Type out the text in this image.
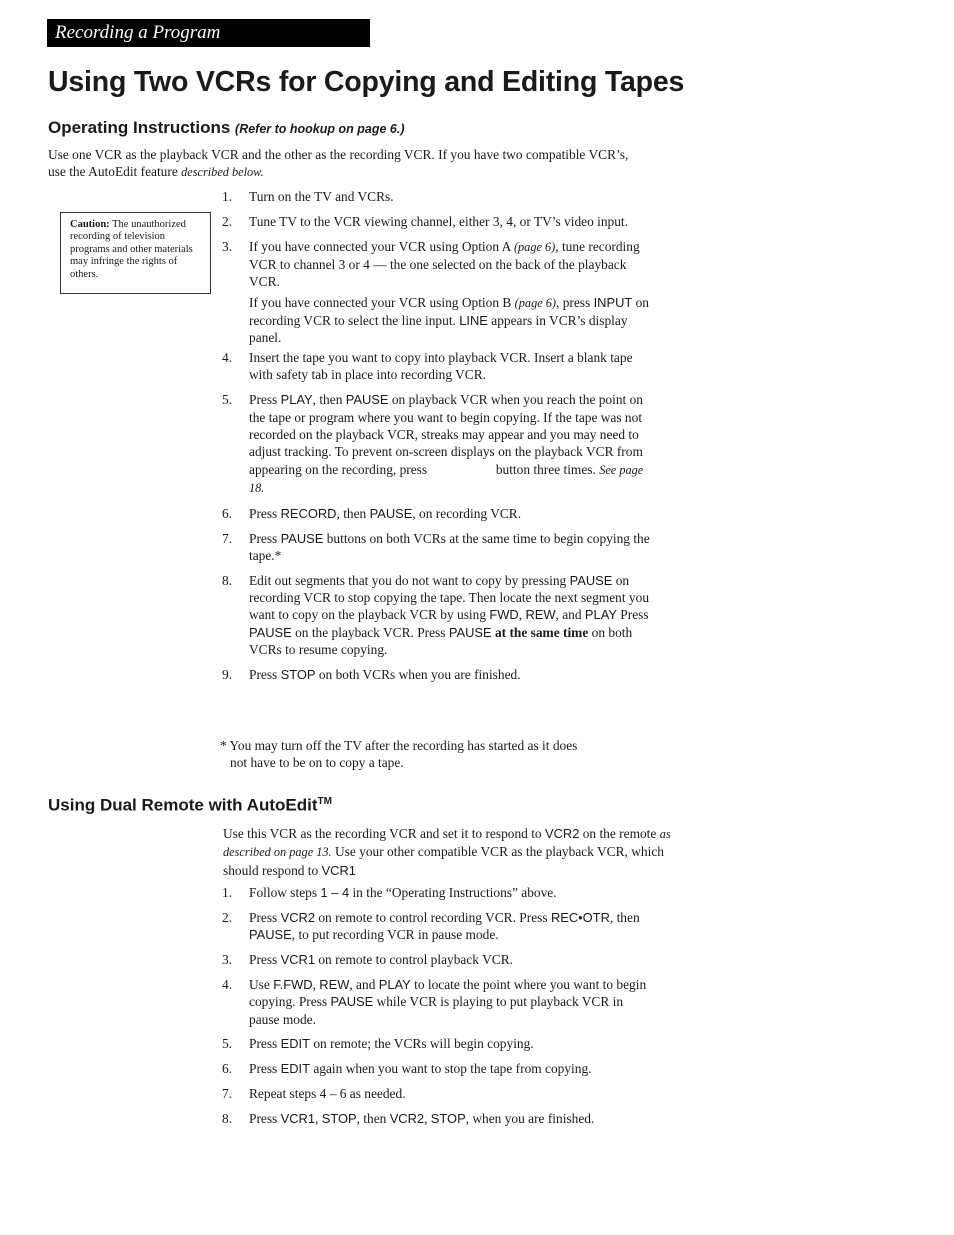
Recording a Program
Using Two VCRs for Copying and Editing Tapes
Operating Instructions (Refer to hookup on page 6.)

Use one VCR as the playback VCR and the other as the recording VCR. If you have two compatible VCR’s,
use the AutoEdit feature described below.

Caution: The unauthorized recording of television programs and other materials may infringe the rights of others.
1. Turn on the TV and VCRs.
2. Tune TV to the VCR viewing channel, either 3, 4, or TV’s video input.
3. If you have connected your VCR using Option A (page 6), tune recording VCR to channel 3 or 4 — the one selected on the back of the playback VCR.

If you have connected your VCR using Option B (page 6), press INPUT on recording VCR to select the line input. LINE appears in VCR’s display panel.

4. Insert the tape you want to copy into playback VCR. Insert a blank tape with safety tab in place into recording VCR.
5. Press PLAY, then PAUSE on playback VCR when you reach the point on the tape or program where you want to begin copying. If the tape was not recorded on the playback VCR, streaks may appear and you may need to adjust tracking. To prevent on-screen displays on the playback VCR from appearing on the recording, press	button three times. See page 18.
6. Press RECORD, then PAUSE, on recording VCR.
7. Press PAUSE buttons on both VCRs at the same time to begin copying the tape.*
8. Edit out segments that you do not want to copy by pressing PAUSE on recording VCR to stop copying the tape. Then locate the next segment you want to copy on the playback VCR by using FWD, REW, and PLAY Press PAUSE on the playback VCR. Press PAUSE at the same time on both VCRs to resume copying.
9. Press STOP on both VCRs when you are finished.

* You may turn off the TV after the recording has started as it does
not have to be on to copy a tape.

Using Dual Remote with AutoEdit™

Use this VCR as the recording VCR and set it to respond to VCR2 on the remote as described on page 13. Use your other compatible VCR as the playback VCR, which should respond to VCR1

1. Follow steps 1 – 4 in the “Operating Instructions” above.
2. Press VCR2 on remote to control recording VCR. Press REC•OTR, then PAUSE, to put recording VCR in pause mode.
3. Press VCR1 on remote to control playback VCR.
4. Use F.FWD, REW, and PLAY to locate the point where you want to begin copying. Press PAUSE while VCR is playing to put playback VCR in pause mode.
5. Press EDIT on remote; the VCRs will begin copying.
6. Press EDIT again when you want to stop the tape from copying.
7. Repeat steps 4 – 6 as needed.
8. Press VCR1, STOP, then VCR2, STOP, when you are finished.
